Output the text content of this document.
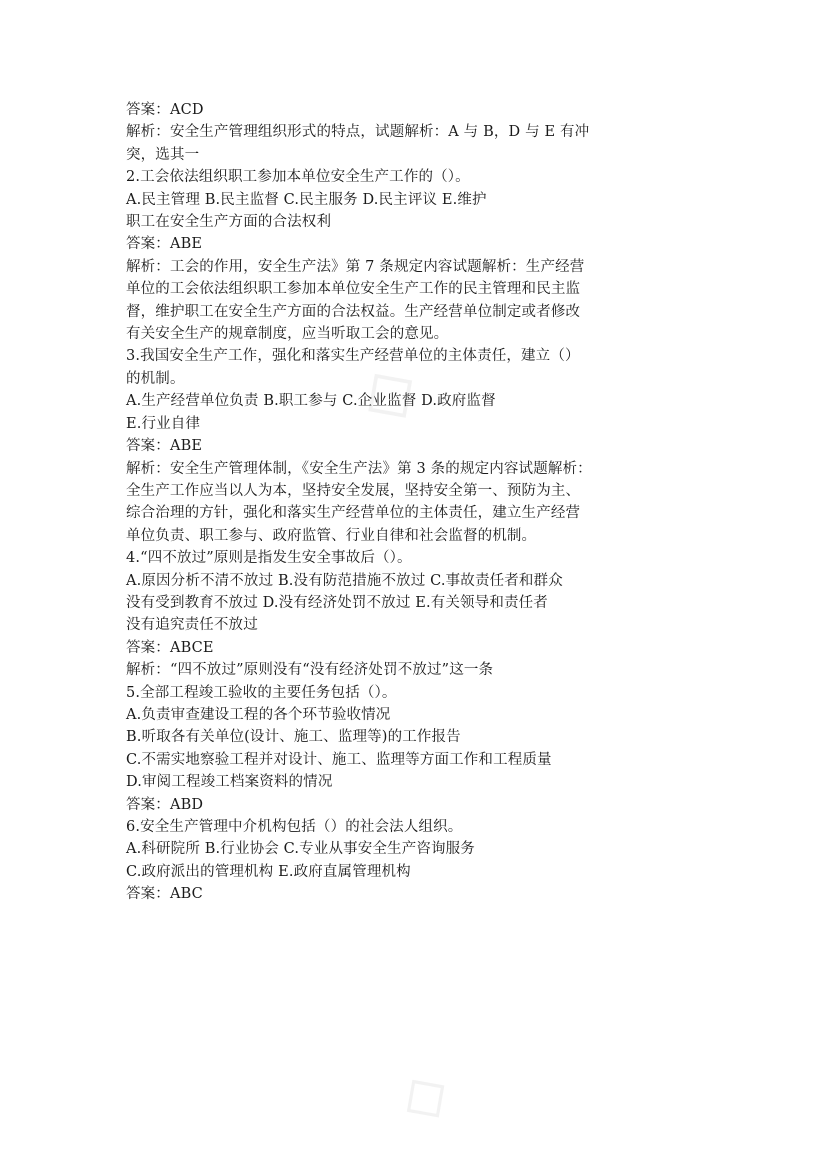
◇
◇
答案：ACD
解析：安全生产管理组织形式的特点，试题解析：A 与 B，D 与 E 有冲
突，选其一
2.工会依法组织职工参加本单位安全生产工作的（）。
A.民主管理 B.民主监督 C.民主服务 D.民主评议 E.维护
职工在安全生产方面的合法权利
答案：ABE
解析：工会的作用，安全生产法》第 7 条规定内容试题解析：生产经营
单位的工会依法组织职工参加本单位安全生产工作的民主管理和民主监
督，维护职工在安全生产方面的合法权益。生产经营单位制定或者修改
有关安全生产的规章制度，应当听取工会的意见。
3.我国安全生产工作，强化和落实生产经营单位的主体责任，建立（）
的机制。
A.生产经营单位负责 B.职工参与 C.企业监督 D.政府监督
E.行业自律
答案：ABE
解析：安全生产管理体制，《安全生产法》第 3 条的规定内容试题解析：
全生产工作应当以人为本，坚持安全发展，坚持安全第一、预防为主、
综合治理的方针，强化和落实生产经营单位的主体责任，建立生产经营
单位负责、职工参与、政府监管、行业自律和社会监督的机制。
4.“四不放过”原则是指发生安全事故后（）。
A.原因分析不清不放过 B.没有防范措施不放过 C.事故责任者和群众
没有受到教育不放过 D.没有经济处罚不放过 E.有关领导和责任者
没有追究责任不放过
答案：ABCE
解析：“四不放过”原则没有“没有经济处罚不放过”这一条
5.全部工程竣工验收的主要任务包括（）。
A.负责审查建设工程的各个环节验收情况
B.听取各有关单位(设计、施工、监理等)的工作报告
C.不需实地察验工程并对设计、施工、监理等方面工作和工程质量
D.审阅工程竣工档案资料的情况
答案：ABD
6.安全生产管理中介机构包括（）的社会法人组织。
A.科研院所 B.行业协会 C.专业从事安全生产咨询服务
C.政府派出的管理机构 E.政府直属管理机构
答案：ABC
